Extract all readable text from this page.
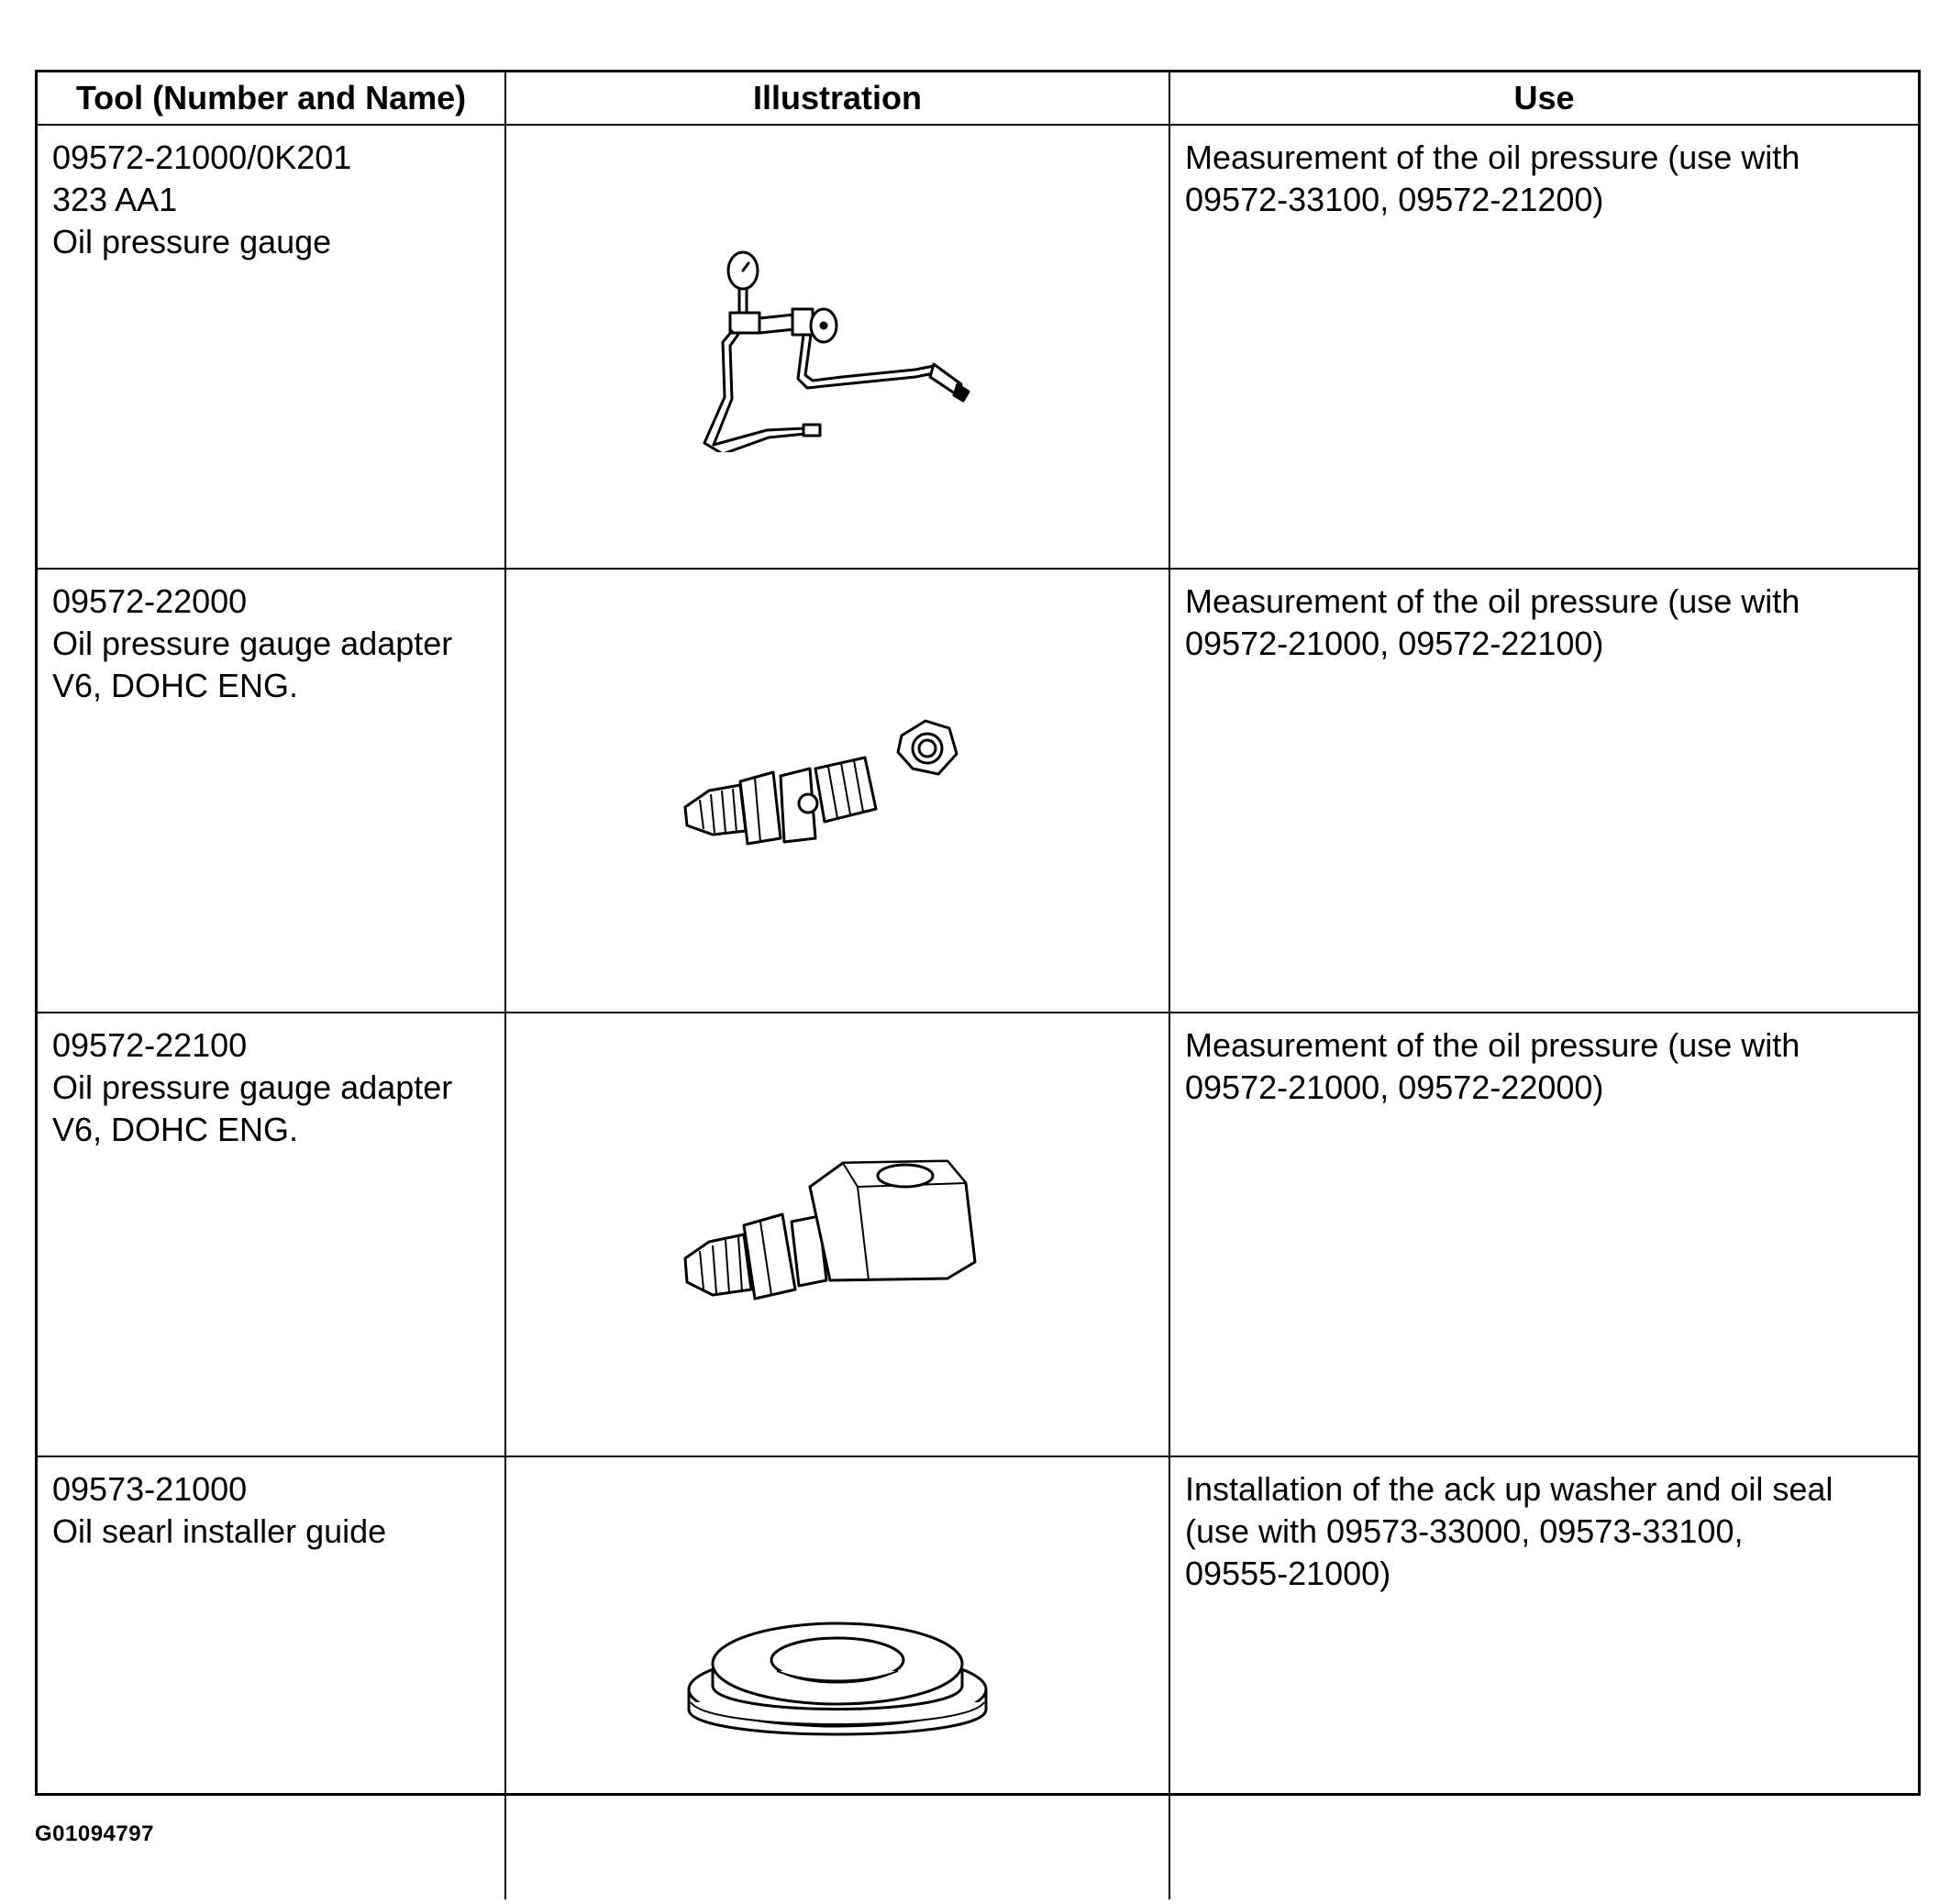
Tool (Number and Name)	Illustration	Use

09572-21000/0K201
323 AA1
Oil pressure gauge		Measurement of the oil pressure (use with
09572-33100, 09572-21200)

09572-22000
Oil pressure gauge adapter
V6, DOHC ENG.		Measurement of the oil pressure (use with
09572-21000, 09572-22100)

09572-22100
Oil pressure gauge adapter
V6, DOHC ENG.		Measurement of the oil pressure (use with
09572-21000, 09572-22000)

09573-21000
Oil searl installer guide		Installation of the ack up washer and oil seal
(use with 09573-33000, 09573-33100,
09555-21000)
G01094797
